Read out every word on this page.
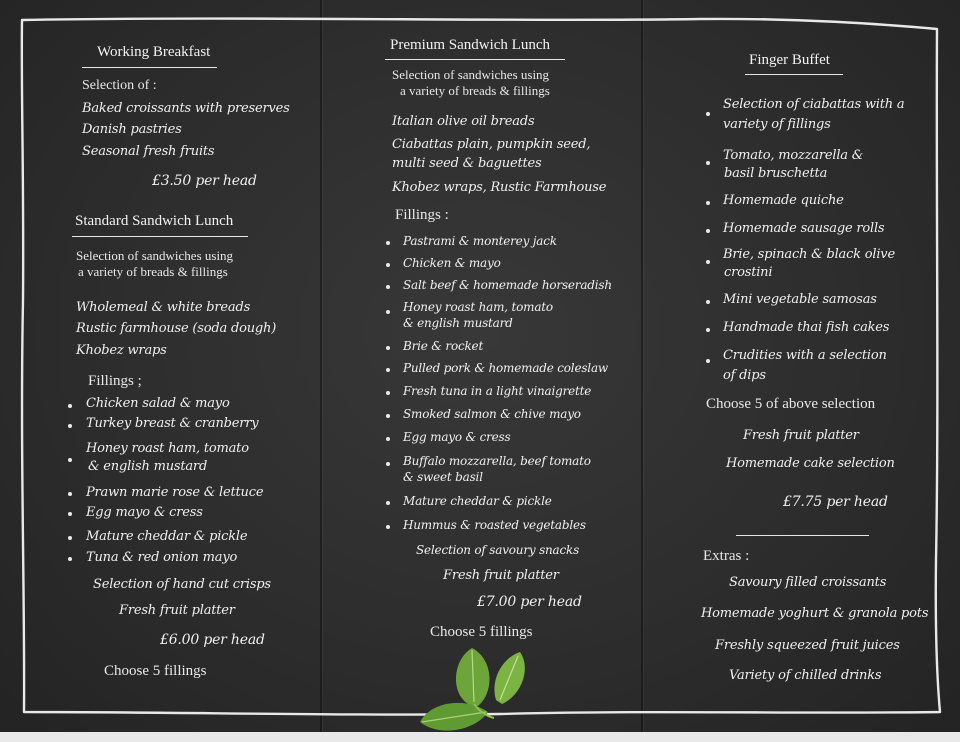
Working Breakfast
Selection of :
Baked croissants with preserves
Danish pastries
Seasonal fresh fruits
£3.50 per head
Standard Sandwich Lunch
Selection of sandwiches using
a variety of breads & fillings
Wholemeal & white breads
Rustic farmhouse (soda dough)
Khobez wraps
Fillings ;
Chicken salad & mayo
Turkey breast & cranberry
Honey roast ham, tomato
& english mustard
Prawn marie rose & lettuce
Egg mayo & cress
Mature cheddar & pickle
Tuna & red onion mayo
Selection of hand cut crisps
Fresh fruit platter
£6.00 per head
Choose 5 fillings
Premium Sandwich Lunch
Selection of sandwiches using
a variety of breads & fillings
Italian olive oil breads
Ciabattas plain, pumpkin seed,
multi seed & baguettes
Khobez wraps, Rustic Farmhouse
Fillings :
Pastrami & monterey jack
Chicken & mayo
Salt beef & homemade horseradish
Honey roast ham, tomato
& english mustard
Brie & rocket
Pulled pork & homemade coleslaw
Fresh tuna in a light vinaigrette
Smoked salmon & chive mayo
Egg mayo & cress
Buffalo mozzarella, beef tomato
& sweet basil
Mature cheddar & pickle
Hummus & roasted vegetables
Selection of savoury snacks
Fresh fruit platter
£7.00 per head
Choose 5 fillings
Finger Buffet
Selection of ciabattas with a
variety of fillings
Tomato, mozzarella &
basil bruschetta
Homemade quiche
Homemade sausage rolls
Brie, spinach & black olive
crostini
Mini vegetable samosas
Handmade thai fish cakes
Crudities with a selection
of dips
Choose 5 of above selection
Fresh fruit platter
Homemade cake selection
£7.75 per head
Extras :
Savoury filled croissants
Homemade yoghurt & granola pots
Freshly squeezed fruit juices
Variety of chilled drinks
